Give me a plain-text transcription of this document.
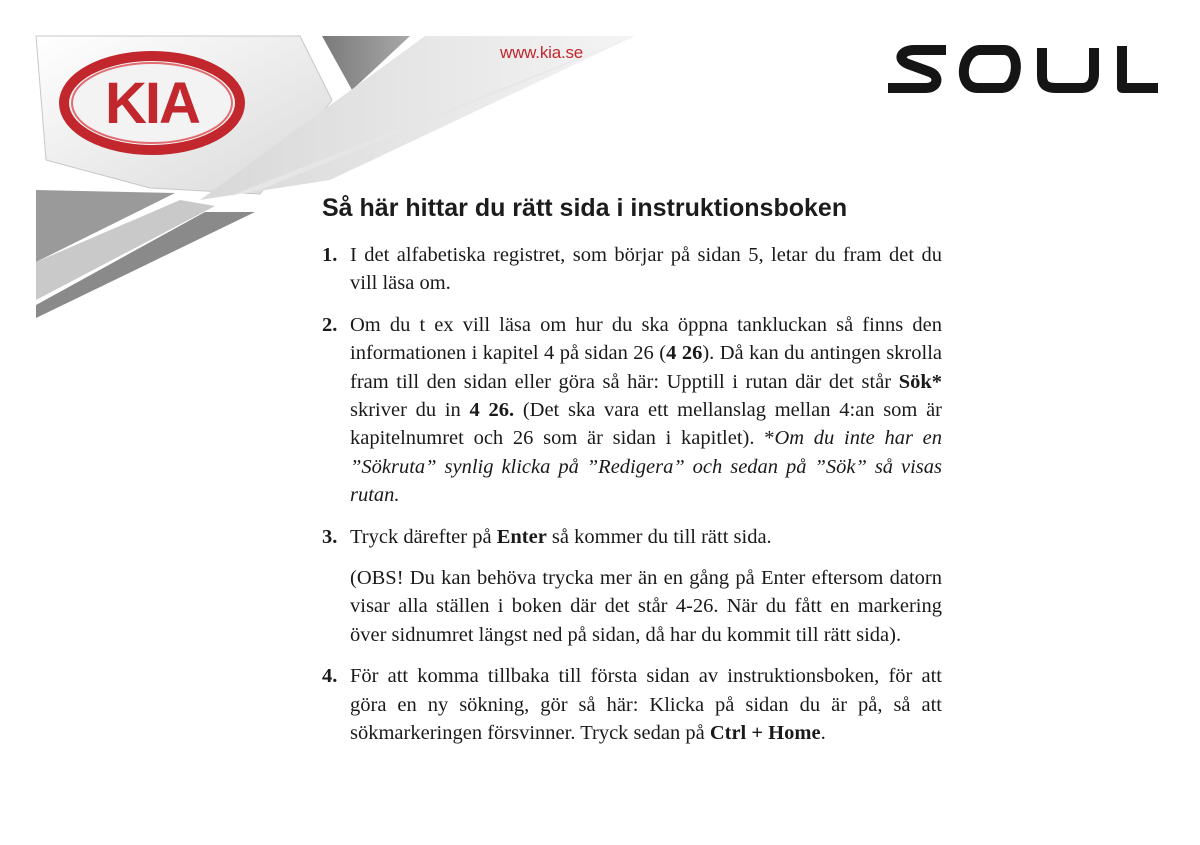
KIA
www.kia.se
Så här hittar du rätt sida i instruktionsboken
1. I det alfabetiska registret, som börjar på sidan 5, letar du fram det du vill läsa om.
2. Om du t ex vill läsa om hur du ska öppna tankluckan så finns den informationen i kapitel 4 på sidan 26 (4 26). Då kan du antingen skrolla fram till den sidan eller göra så här: Upptill i rutan där det står Sök* skriver du in 4 26. (Det ska vara ett mellanslag mellan 4:an som är kapitelnumret och 26 som är sidan i kapitlet). *Om du inte har en ”Sökruta” synlig klicka på ”Redigera” och sedan på ”Sök” så visas rutan.
3. Tryck därefter på Enter så kommer du till rätt sida.
(OBS! Du kan behöva trycka mer än en gång på Enter eftersom datorn visar alla ställen i boken där det står 4-26. När du fått en markering över sidnumret längst ned på sidan, då har du kommit till rätt sida).
4. För att komma tillbaka till första sidan av instruktionsboken, för att göra en ny sökning, gör så här: Klicka på sidan du är på, så att sökmarkeringen försvinner. Tryck sedan på Ctrl + Home.
